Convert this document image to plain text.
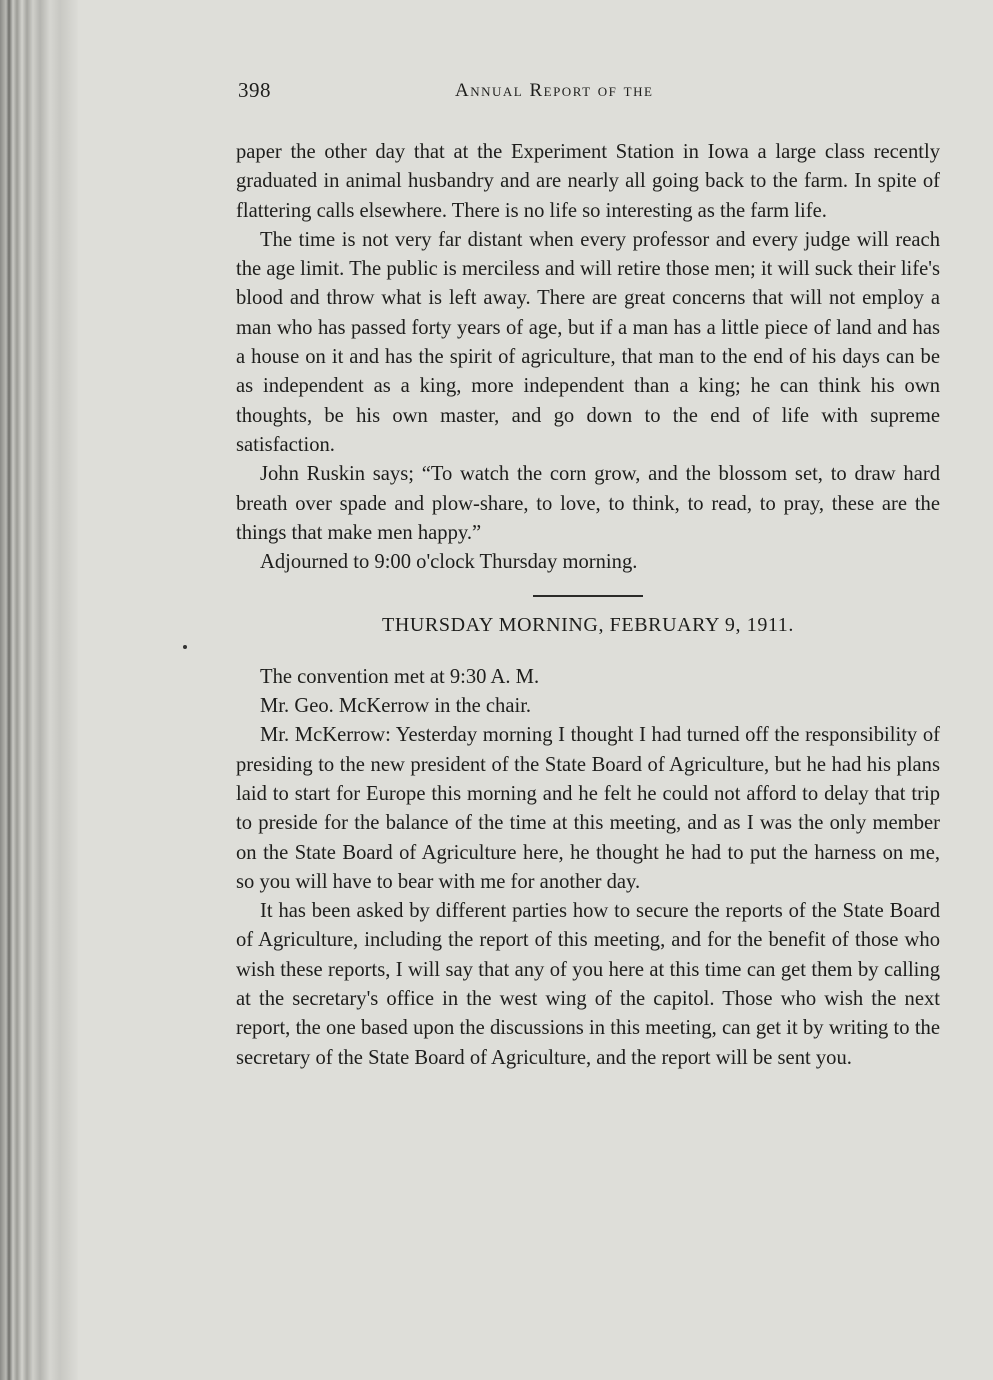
398	Annual Report of the

paper the other day that at the Experiment Station in Iowa a large class recently graduated in animal husbandry and are nearly all going back to the farm. In spite of flattering calls elsewhere. There is no life so interesting as the farm life.

The time is not very far distant when every professor and every judge will reach the age limit. The public is merciless and will retire those men; it will suck their life's blood and throw what is left away. There are great concerns that will not employ a man who has passed forty years of age, but if a man has a little piece of land and has a house on it and has the spirit of agriculture, that man to the end of his days can be as independent as a king, more independent than a king; he can think his own thoughts, be his own master, and go down to the end of life with supreme satisfaction.

John Ruskin says; “To watch the corn grow, and the blossom set, to draw hard breath over spade and plow-share, to love, to think, to read, to pray, these are the things that make men happy.”

Adjourned to 9:00 o'clock Thursday morning.

THURSDAY MORNING, FEBRUARY 9, 1911.

The convention met at 9:30 A. M.

Mr. Geo. McKerrow in the chair.

Mr. McKerrow: Yesterday morning I thought I had turned off the responsibility of presiding to the new president of the State Board of Agriculture, but he had his plans laid to start for Europe this morning and he felt he could not afford to delay that trip to preside for the balance of the time at this meeting, and as I was the only member on the State Board of Agriculture here, he thought he had to put the harness on me, so you will have to bear with me for another day.

It has been asked by different parties how to secure the reports of the State Board of Agriculture, including the report of this meeting, and for the benefit of those who wish these reports, I will say that any of you here at this time can get them by calling at the secretary's office in the west wing of the capitol. Those who wish the next report, the one based upon the discussions in this meeting, can get it by writing to the secretary of the State Board of Agriculture, and the report will be sent you.
